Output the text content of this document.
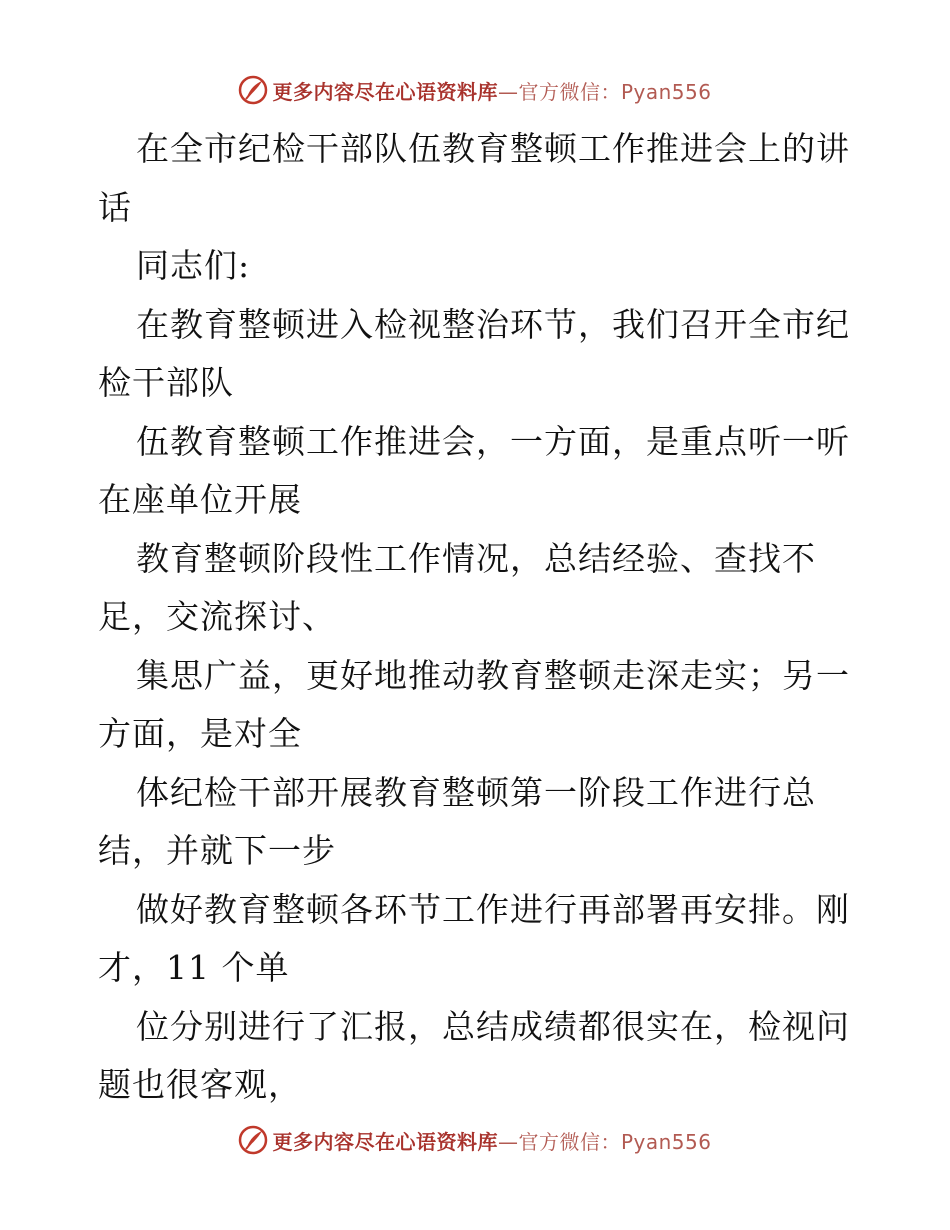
更多内容尽在心语资料库—官方微信：Pyan556
在全市纪检干部队伍教育整顿工作推进会上的讲
话
同志们:
在教育整顿进入检视整治环节，我们召开全市纪
检干部队
伍教育整顿工作推进会，一方面，是重点听一听
在座单位开展
教育整顿阶段性工作情况，总结经验、查找不
足，交流探讨、
集思广益，更好地推动教育整顿走深走实；另一
方面，是对全
体纪检干部开展教育整顿第一阶段工作进行总
结，并就下一步
做好教育整顿各环节工作进行再部署再安排。刚
才，11 个单
位分别进行了汇报，总结成绩都很实在，检视问
题也很客观，
更多内容尽在心语资料库—官方微信：Pyan556
